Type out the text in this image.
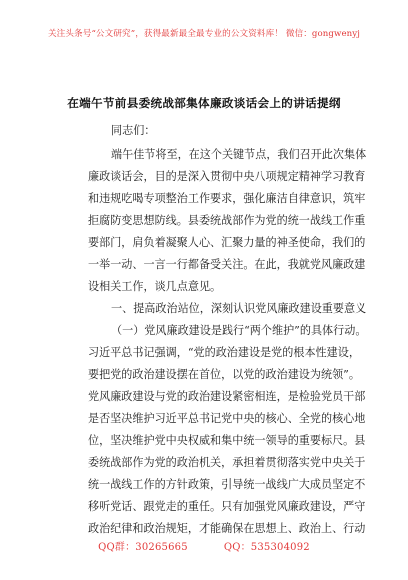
关注头条号“公文研究”，获得最新最全最专业的公文资料库！ 微信：gongwenyj
在端午节前县委统战部集体廉政谈话会上的讲话提纲
同志们：
端午佳节将至，在这个关键节点，我们召开此次集体
廉政谈话会，目的是深入贯彻中央八项规定精神学习教育
和违规吃喝专项整治工作要求，强化廉洁自律意识，筑牢
拒腐防变思想防线。县委统战部作为党的统一战线工作重
要部门，肩负着凝聚人心、汇聚力量的神圣使命，我们的
一举一动、一言一行都备受关注。在此，我就党风廉政建
设相关工作，谈几点意见。
一、提高政治站位，深刻认识党风廉政建设重要意义
（一）党风廉政建设是践行“两个维护”的具体行动。
习近平总书记强调，“党的政治建设是党的根本性建设，
要把党的政治建设摆在首位，以党的政治建设为统领”。
党风廉政建设与党的政治建设紧密相连，是检验党员干部
是否坚决维护习近平总书记党中央的核心、全党的核心地
位，坚决维护党中央权威和集中统一领导的重要标尺。县
委统战部作为党的政治机关，承担着贯彻落实党中央关于
统一战线工作的方针政策，引导统一战线广大成员坚定不
移听党话、跟党走的重任。只有加强党风廉政建设，严守
政治纪律和政治规矩，才能确保在思想上、政治上、行动
QQ群：30265665	QQ：535304092
